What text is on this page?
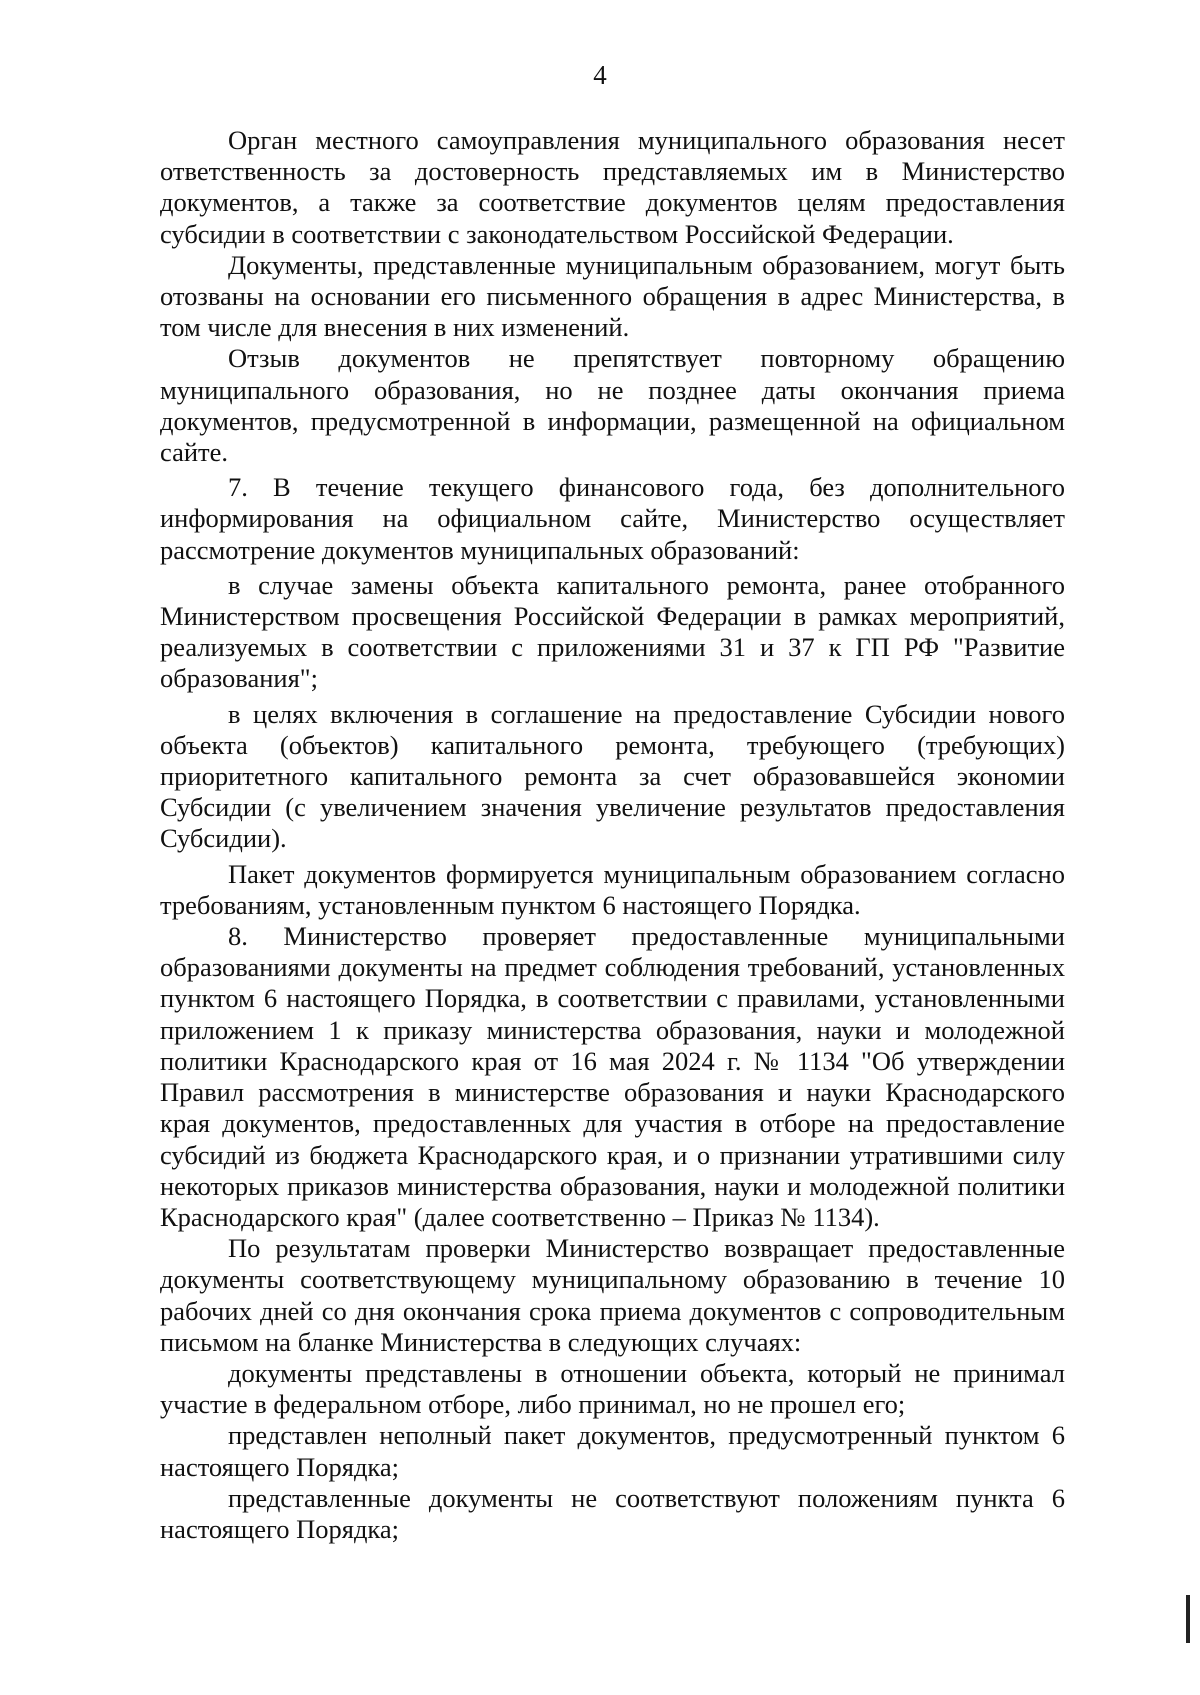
4

Орган местного самоуправления муниципального образования несет ответственность за достоверность представляемых им в Министерство документов, а также за соответствие документов целям предоставления субсидии в соответствии с законодательством Российской Федерации.

Документы, представленные муниципальным образованием, могут быть отозваны на основании его письменного обращения в адрес Министерства, в том числе для внесения в них изменений.

Отзыв документов не препятствует повторному обращению муниципального образования, но не позднее даты окончания приема документов, предусмотренной в информации, размещенной на официальном сайте.

7. В течение текущего финансового года, без дополнительного информирования на официальном сайте, Министерство осуществляет рассмотрение документов муниципальных образований:

в случае замены объекта капитального ремонта, ранее отобранного Министерством просвещения Российской Федерации в рамках мероприятий, реализуемых в соответствии с приложениями 31 и 37 к ГП РФ "Развитие образования";

в целях включения в соглашение на предоставление Субсидии нового объекта (объектов) капитального ремонта, требующего (требующих) приоритетного капитального ремонта за счет образовавшейся экономии Субсидии (с увеличением значения увеличение результатов предоставления Субсидии).

Пакет документов формируется муниципальным образованием согласно требованиям, установленным пунктом 6 настоящего Порядка.

8. Министерство проверяет предоставленные муниципальными образованиями документы на предмет соблюдения требований, установленных пунктом 6 настоящего Порядка, в соответствии с правилами, установленными приложением 1 к приказу министерства образования, науки и молодежной политики Краснодарского края от 16 мая 2024 г. № 1134 "Об утверждении Правил рассмотрения в министерстве образования и науки Краснодарского края документов, предоставленных для участия в отборе на предоставление субсидий из бюджета Краснодарского края, и о признании утратившими силу некоторых приказов министерства образования, науки и молодежной политики Краснодарского края" (далее соответственно – Приказ № 1134).

По результатам проверки Министерство возвращает предоставленные документы соответствующему муниципальному образованию в течение 10 рабочих дней со дня окончания срока приема документов с сопроводительным письмом на бланке Министерства в следующих случаях:

документы представлены в отношении объекта, который не принимал участие в федеральном отборе, либо принимал, но не прошел его;

представлен неполный пакет документов, предусмотренный пунктом 6 настоящего Порядка;

представленные документы не соответствуют положениям пункта 6 настоящего Порядка;
